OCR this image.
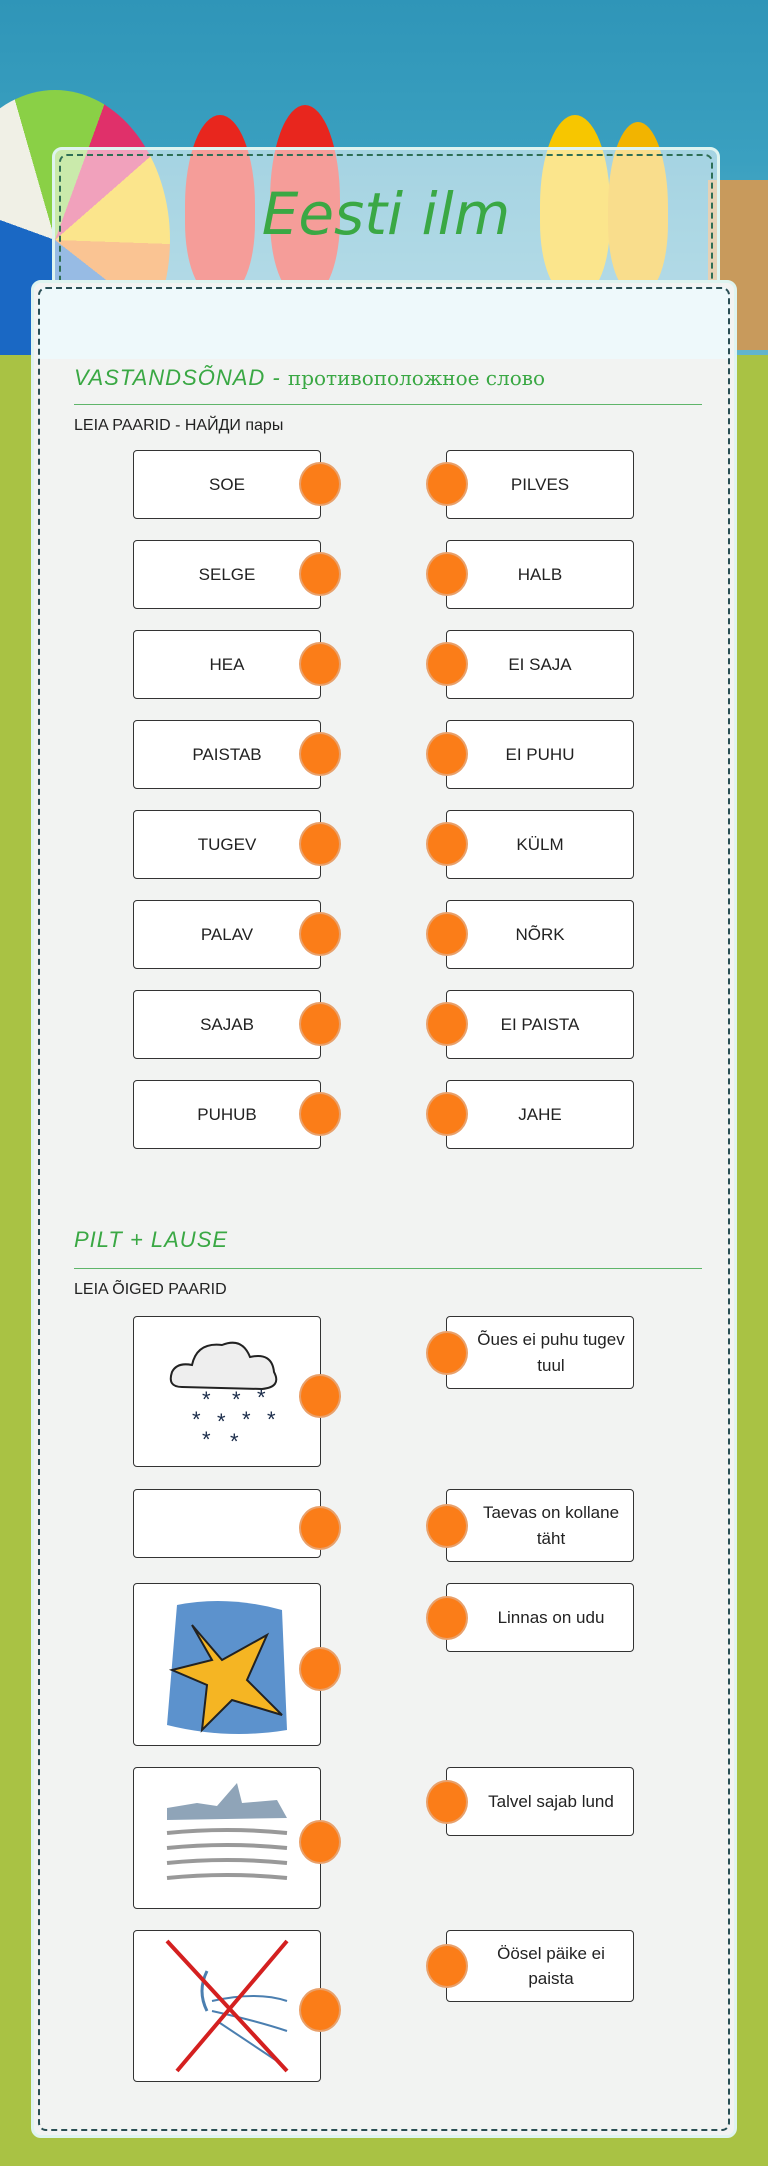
Eesti ilm
VASTANDSÕNAD - противоположное слово
LEIA PAARID - НАЙДИ пары
SOE	PILVES
SELGE	HALB
HEA	EI SAJA
PAISTAB	EI PUHU
TUGEV	KÜLM
PALAV	NÕRK
SAJAB	EI PAISTA
PUHUB	JAHE
PILT + LAUSE
LEIA ÕIGED PAARID
* * *
* * * *
* *
Õues ei puhu tugev tuul
Taevas on kollane täht
Linnas on udu
Talvel sajab lund
Öösel päike ei paista
